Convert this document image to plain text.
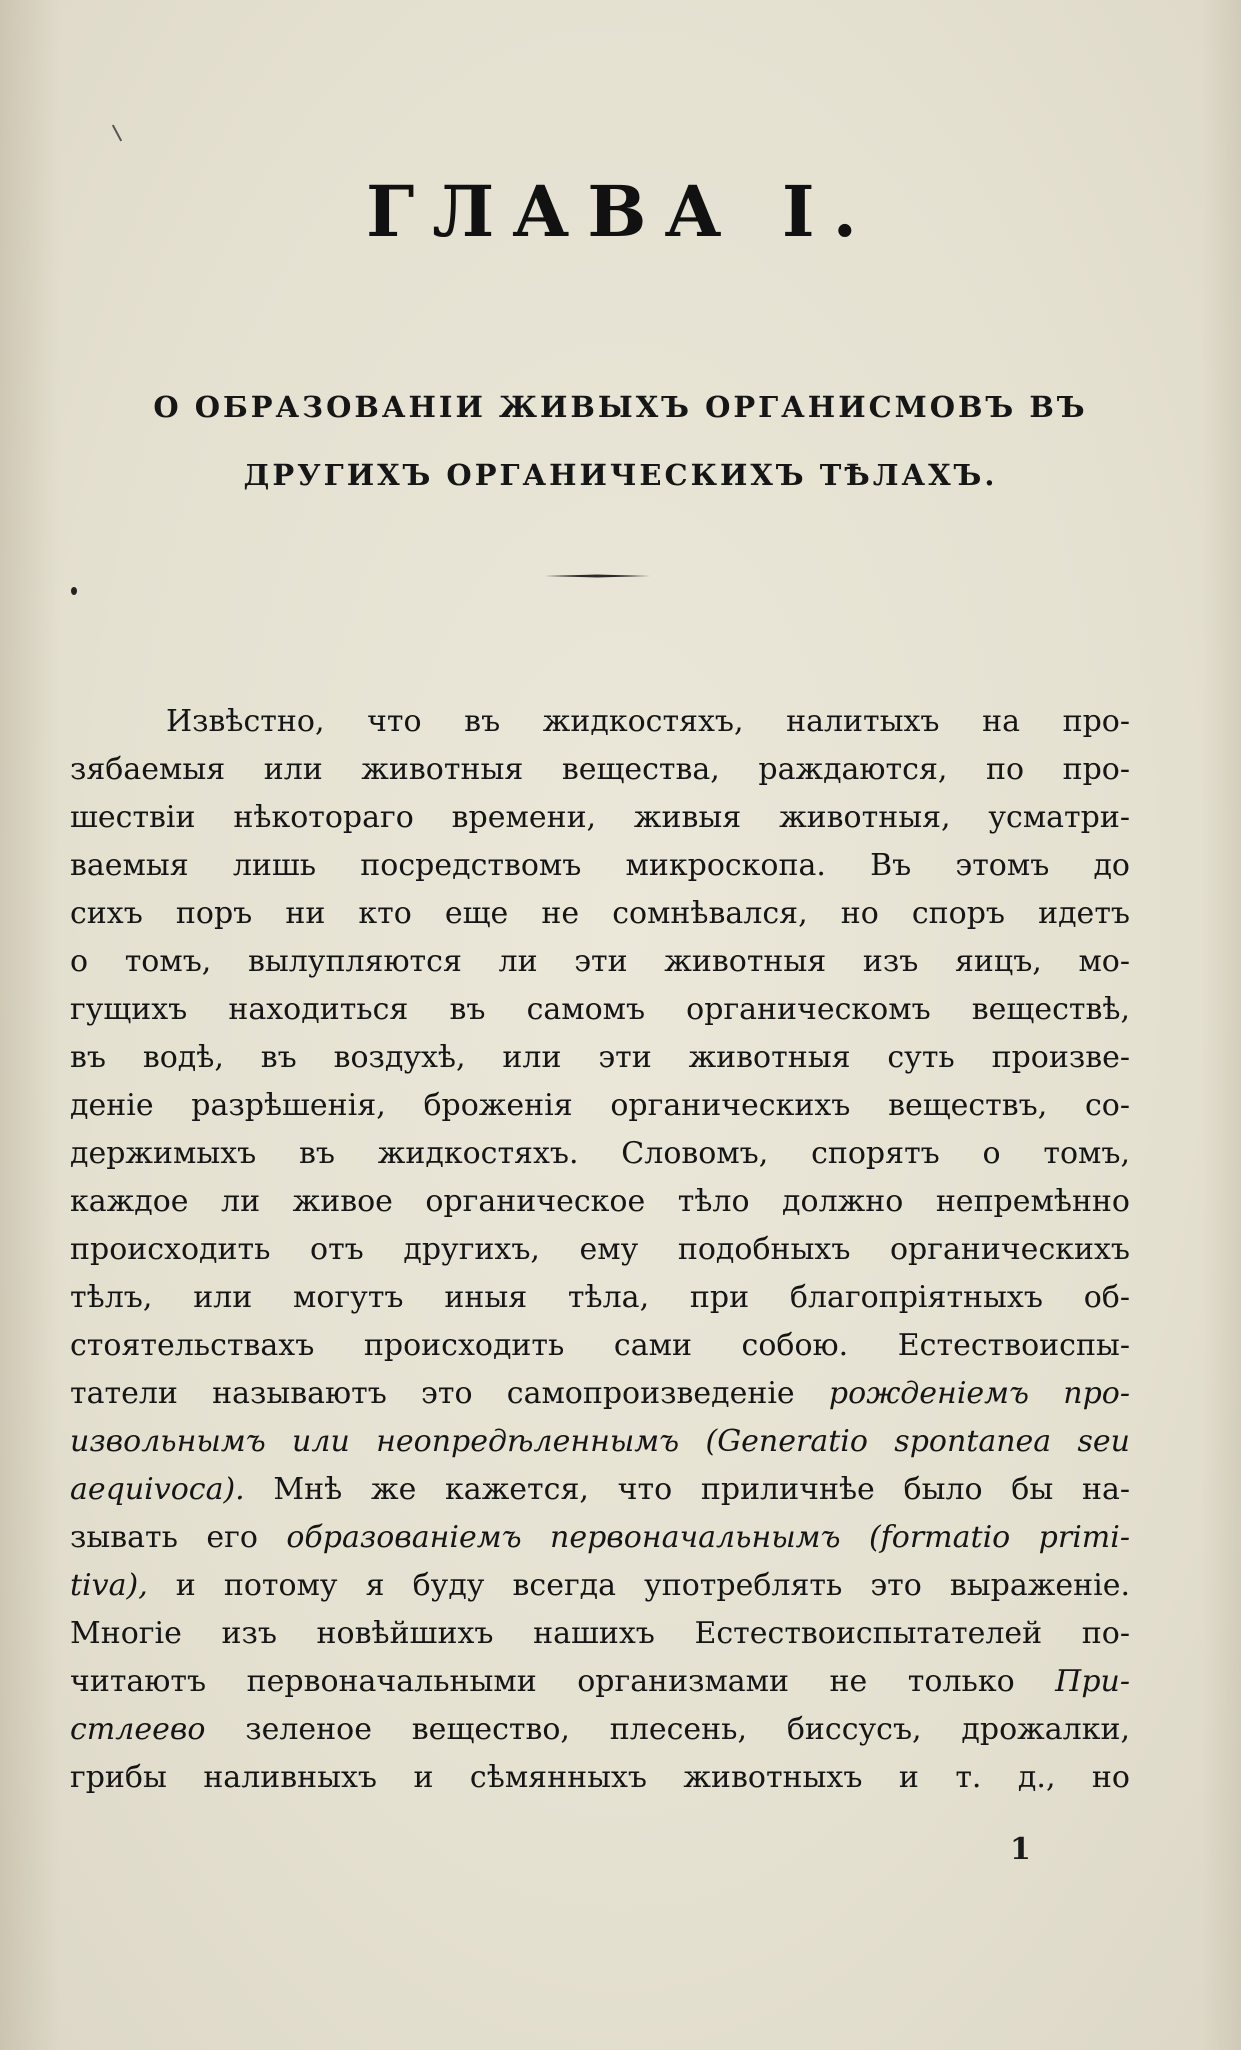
ГЛАВА I.
О ОБРАЗОВАНІИ ЖИВЫХЪ ОРГАНИСМОВЪ ВЪ
ДРУГИХЪ ОРГАНИЧЕСКИХЪ ТѢЛАХЪ.
Извѣстно, что въ жидкостяхъ, налитыхъ на про-
зябаемыя или животныя вещества, раждаются, по про-
шествіи нѣкотораго времени, живыя животныя, усматри-
ваемыя лишь посредствомъ микроскопа. Въ этомъ до
сихъ поръ ни кто еще не сомнѣвался, но споръ идетъ
о томъ, вылупляются ли эти животныя изъ яицъ, мо-
гущихъ находиться въ самомъ органическомъ веществѣ,
въ водѣ, въ воздухѣ, или эти животныя суть произве-
деніе разрѣшенія, броженія органическихъ веществъ, со-
держимыхъ въ жидкостяхъ. Словомъ, спорятъ о томъ,
каждое ли живое органическое тѣло должно непремѣнно
происходить отъ другихъ, ему подобныхъ органическихъ
тѣлъ, или могутъ иныя тѣла, при благопріятныхъ об-
стоятельствахъ происходить сами собою. Естествоиспы-
татели называютъ это самопроизведеніе рожденіемъ про-
извольнымъ или неопредѣленнымъ (Generatio spontanea seu
aequivoca). Мнѣ же кажется, что приличнѣе было бы на-
зывать его образованіемъ первоначальнымъ (formatio primi-
tiva), и потому я буду всегда употреблять это выраженіе.
Многіе изъ новѣйшихъ нашихъ Естествоиспытателей по-
читаютъ первоначальными организмами не только При-
стлеево зеленое вещество, плесень, биссусъ, дрожалки,
грибы наливныхъ и сѣмянныхъ животныхъ и т. д., но
1
